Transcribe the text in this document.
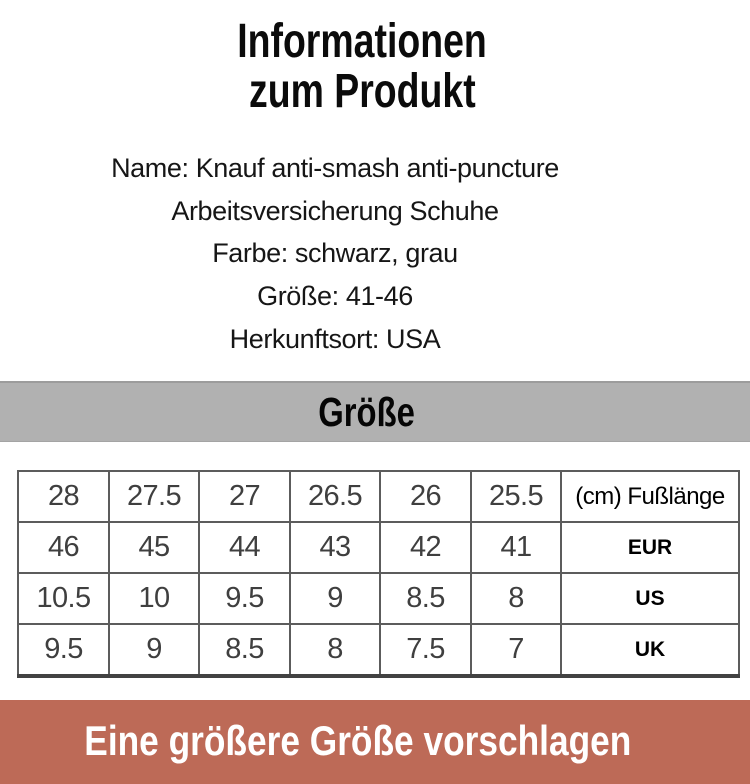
Informationen
zum Produkt
Name: Knauf anti-smash anti-puncture
Arbeitsversicherung Schuhe
Farbe: schwarz, grau
Größe: 41-46
Herkunftsort: USA
Größe
28	27.5	27	26.5	26	25.5	(cm) Fußlänge
46	45	44	43	42	41	EUR
10.5	10	9.5	9	8.5	8	US
9.5	9	8.5	8	7.5	7	UK
Eine größere Größe vorschlagen
